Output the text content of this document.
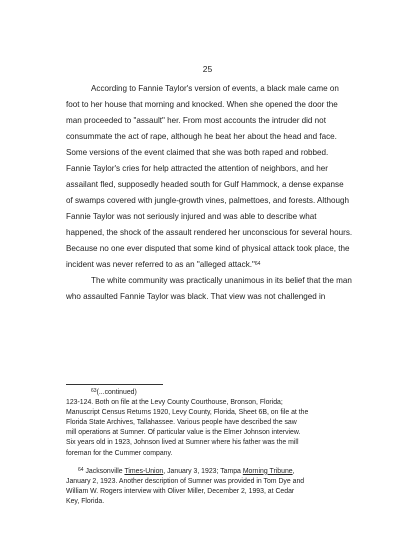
25

According to Fannie Taylor's version of events, a black male came on

foot to her house that morning and knocked. When she opened the door the

man proceeded to "assault" her. From most accounts the intruder did not

consummate the act of rape, although he beat her about the head and face.

Some versions of the event claimed that she was both raped and robbed.

Fannie Taylor's cries for help attracted the attention of neighbors, and her

assailant fled, supposedly headed south for Gulf Hammock, a dense expanse

of swamps covered with jungle-growth vines, palmettoes, and forests. Although

Fannie Taylor was not seriously injured and was able to describe what

happened, the shock of the assault rendered her unconscious for several hours.

Because no one ever disputed that some kind of physical attack took place, the

incident was never referred to as an "alleged attack."$^{64}$

The white community was practically unanimous in its belief that the man

who assaulted Fannie Taylor was black. That view was not challenged in

$^{63}$(...continued)
123-124. Both on file at the Levy County Courthouse, Bronson, Florida;
Manuscript Census Returns 1920, Levy County, Florida, Sheet 6B, on file at the
Florida State Archives, Tallahassee. Various people have described the saw
mill operations at Sumner. Of particular value is the Elmer Johnson interview.
Six years old in 1923, Johnson lived at Sumner where his father was the mill
foreman for the Cummer company.
$^{64}$ Jacksonville Times-Union, January 3, 1923; Tampa Morning Tribune,
January 2, 1923. Another description of Sumner was provided in Tom Dye and
William W. Rogers interview with Oliver Miller, December 2, 1993, at Cedar
Key, Florida.
